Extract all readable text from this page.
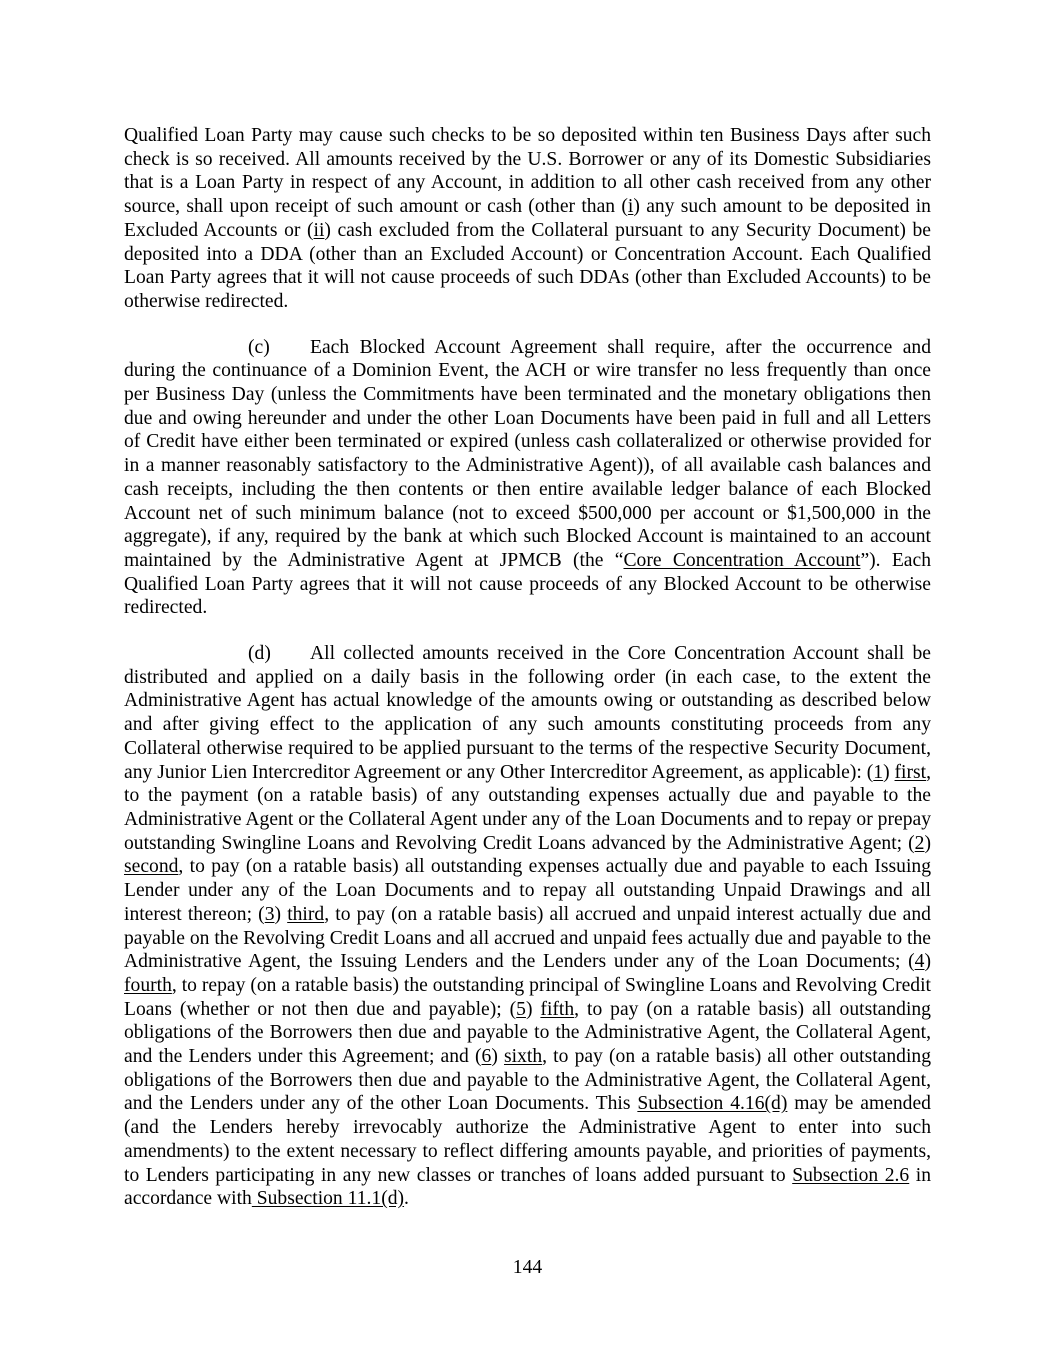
Qualified Loan Party may cause such checks to be so deposited within ten Business Days after such check is so received. All amounts received by the U.S. Borrower or any of its Domestic Subsidiaries that is a Loan Party in respect of any Account, in addition to all other cash received from any other source, shall upon receipt of such amount or cash (other than (i) any such amount to be deposited in Excluded Accounts or (ii) cash excluded from the Collateral pursuant to any Security Document) be deposited into a DDA (other than an Excluded Account) or Concentration Account. Each Qualified Loan Party agrees that it will not cause proceeds of such DDAs (other than Excluded Accounts) to be otherwise redirected.

(c) Each Blocked Account Agreement shall require, after the occurrence and during the continuance of a Dominion Event, the ACH or wire transfer no less frequently than once per Business Day (unless the Commitments have been terminated and the monetary obligations then due and owing hereunder and under the other Loan Documents have been paid in full and all Letters of Credit have either been terminated or expired (unless cash collateralized or otherwise provided for in a manner reasonably satisfactory to the Administrative Agent)), of all available cash balances and cash receipts, including the then contents or then entire available ledger balance of each Blocked Account net of such minimum balance (not to exceed $500,000 per account or $1,500,000 in the aggregate), if any, required by the bank at which such Blocked Account is maintained to an account maintained by the Administrative Agent at JPMCB (the “Core Concentration Account”). Each Qualified Loan Party agrees that it will not cause proceeds of any Blocked Account to be otherwise redirected.

(d) All collected amounts received in the Core Concentration Account shall be distributed and applied on a daily basis in the following order (in each case, to the extent the Administrative Agent has actual knowledge of the amounts owing or outstanding as described below and after giving effect to the application of any such amounts constituting proceeds from any Collateral otherwise required to be applied pursuant to the terms of the respective Security Document, any Junior Lien Intercreditor Agreement or any Other Intercreditor Agreement, as applicable): (1) first, to the payment (on a ratable basis) of any outstanding expenses actually due and payable to the Administrative Agent or the Collateral Agent under any of the Loan Documents and to repay or prepay outstanding Swingline Loans and Revolving Credit Loans advanced by the Administrative Agent; (2) second, to pay (on a ratable basis) all outstanding expenses actually due and payable to each Issuing Lender under any of the Loan Documents and to repay all outstanding Unpaid Drawings and all interest thereon; (3) third, to pay (on a ratable basis) all accrued and unpaid interest actually due and payable on the Revolving Credit Loans and all accrued and unpaid fees actually due and payable to the Administrative Agent, the Issuing Lenders and the Lenders under any of the Loan Documents; (4) fourth, to repay (on a ratable basis) the outstanding principal of Swingline Loans and Revolving Credit Loans (whether or not then due and payable); (5) fifth, to pay (on a ratable basis) all outstanding obligations of the Borrowers then due and payable to the Administrative Agent, the Collateral Agent, and the Lenders under this Agreement; and (6) sixth, to pay (on a ratable basis) all other outstanding obligations of the Borrowers then due and payable to the Administrative Agent, the Collateral Agent, and the Lenders under any of the other Loan Documents. This Subsection 4.16(d) may be amended (and the Lenders hereby irrevocably authorize the Administrative Agent to enter into such amendments) to the extent necessary to reflect differing amounts payable, and priorities of payments, to Lenders participating in any new classes or tranches of loans added pursuant to Subsection 2.6 in accordance with Subsection 11.1(d).

144
